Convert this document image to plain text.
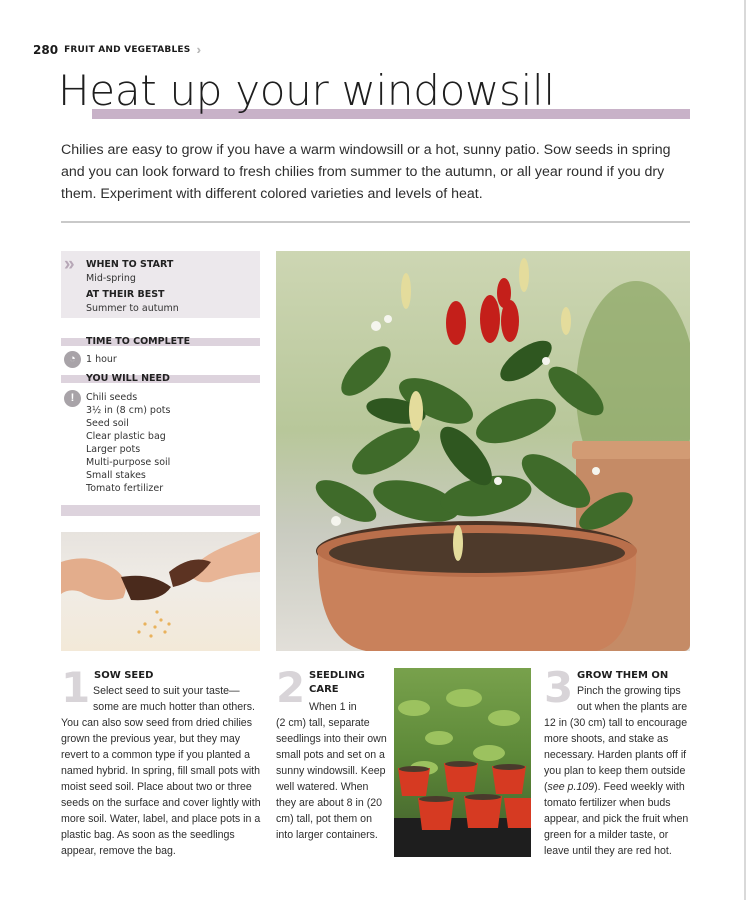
280 FRUIT AND VEGETABLES ››
Heat up your windowsill

Chilies are easy to grow if you have a warm windowsill or a hot, sunny patio. Sow seeds in spring and you can look forward to fresh chilies from summer to the autumn, or all year round if you dry them. Experiment with different colored varieties and levels of heat.

» WHEN TO START
Mid-spring
AT THEIR BEST
Summer to autumn
TIME TO COMPLETE
◔	1 hour
YOU WILL NEED
!	Chili seeds
3½ in (8 cm) pots
Seed soil
Clear plastic bag
Larger pots
Multi-purpose soil
Small stakes
Tomato fertilizer
1 SOW SEED
Select seed to suit your taste—
some are much hotter than others.
You can also sow seed from dried chilies grown the previous year, but they may revert to a common type if you planted a named hybrid. In spring, fill small pots with moist seed soil. Place about two or three seeds on the surface and cover lightly with more soil. Water, label, and place pots in a plastic bag. As soon as the seedlings appear, remove the bag.
2 SEEDLING
CARE
When 1 in
(2 cm) tall, separate seedlings into their own small pots and set on a sunny windowsill. Keep well watered. When they are about 8 in (20 cm) tall, pot them on into larger containers.
3 GROW THEM ON
Pinch the growing tips
out when the plants are
12 in (30 cm) tall to encourage more shoots, and stake as necessary. Harden plants off if you plan to keep them outside (see p.109). Feed weekly with tomato fertilizer when buds appear, and pick the fruit when green for a milder taste, or leave until they are red hot.
